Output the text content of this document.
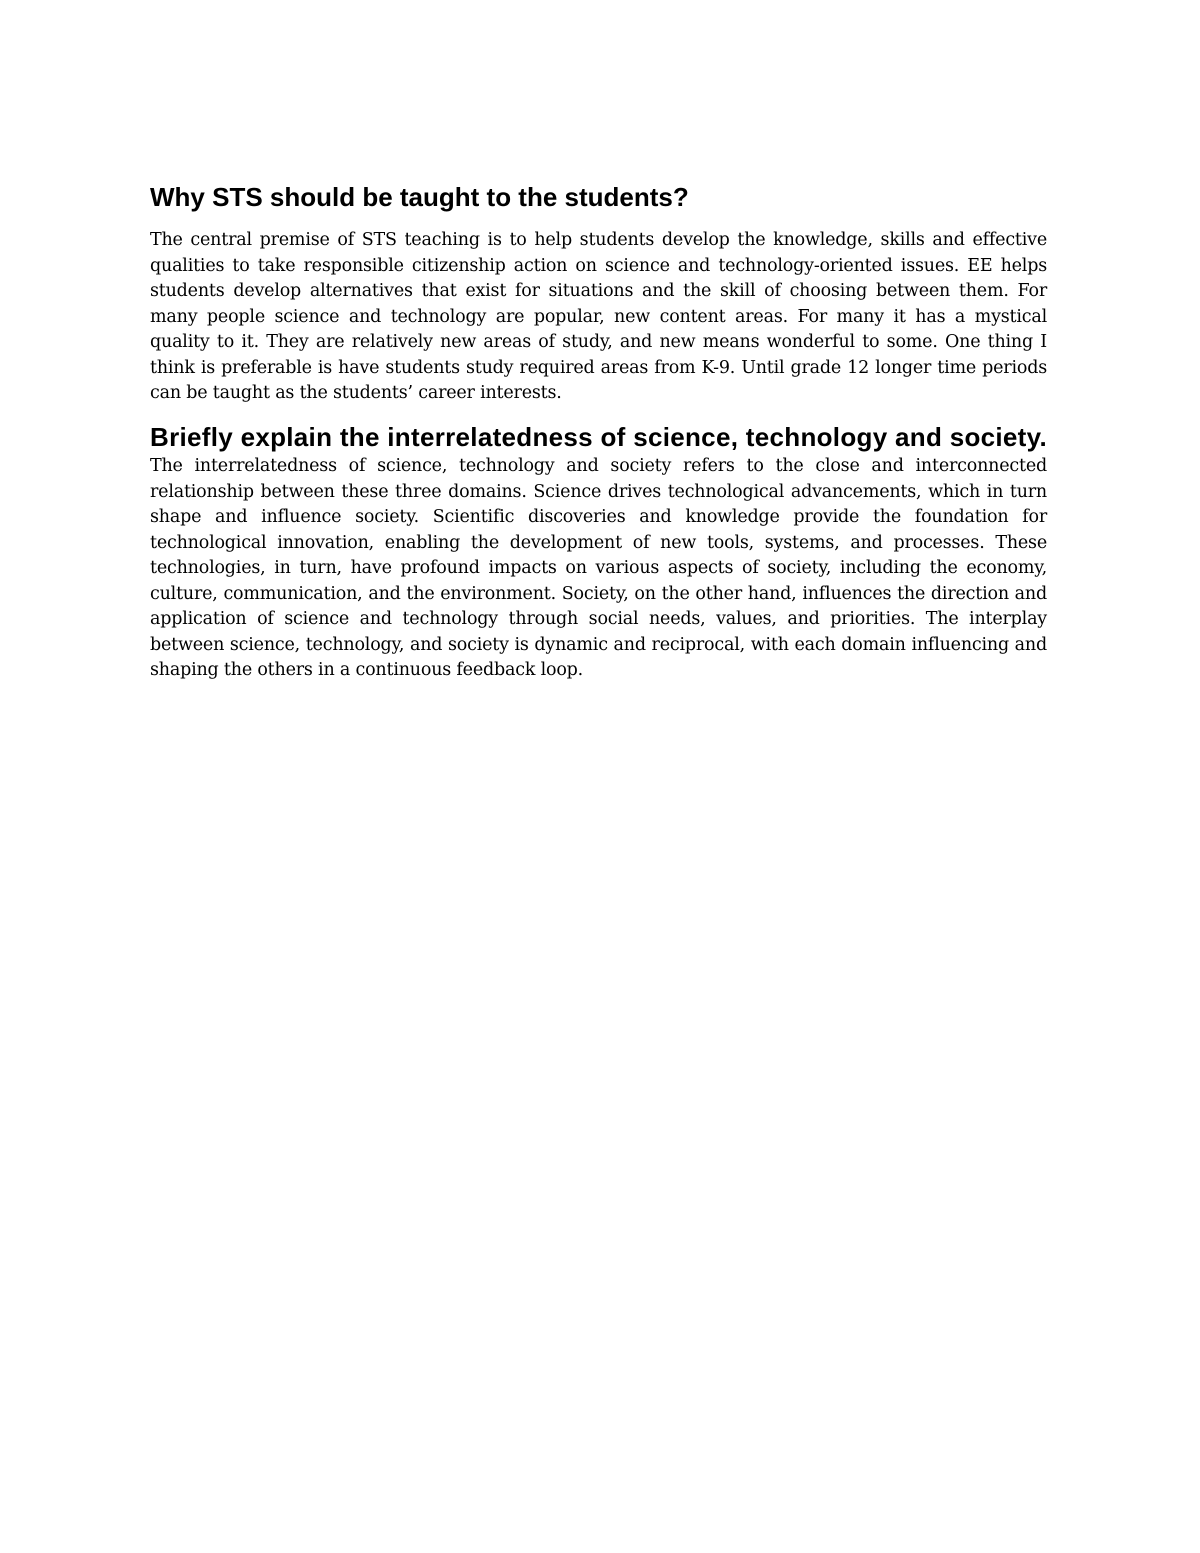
Why STS should be taught to the students?

The central premise of STS teaching is to help students develop the knowledge, skills and effective qualities to take responsible citizenship action on science and technology-oriented issues. EE helps students develop alternatives that exist for situations and the skill of choosing between them. For many people science and technology are popular, new content areas. For many it has a mystical quality to it. They are relatively new areas of study, and new means wonderful to some. One thing I think is preferable is have students study required areas from K-9. Until grade 12 longer time periods can be taught as the students’ career interests.

Briefly explain the interrelatedness of science, technology and society. The interrelatedness of science, technology and society refers to the close and interconnected relationship between these three domains. Science drives technological advancements, which in turn shape and influence society. Scientific discoveries and knowledge provide the foundation for technological innovation, enabling the development of new tools, systems, and processes. These technologies, in turn, have profound impacts on various aspects of society, including the economy, culture, communication, and the environment. Society, on the other hand, influences the direction and application of science and technology through social needs, values, and priorities. The interplay between science, technology, and society is dynamic and reciprocal, with each domain influencing and shaping the others in a continuous feedback loop.
